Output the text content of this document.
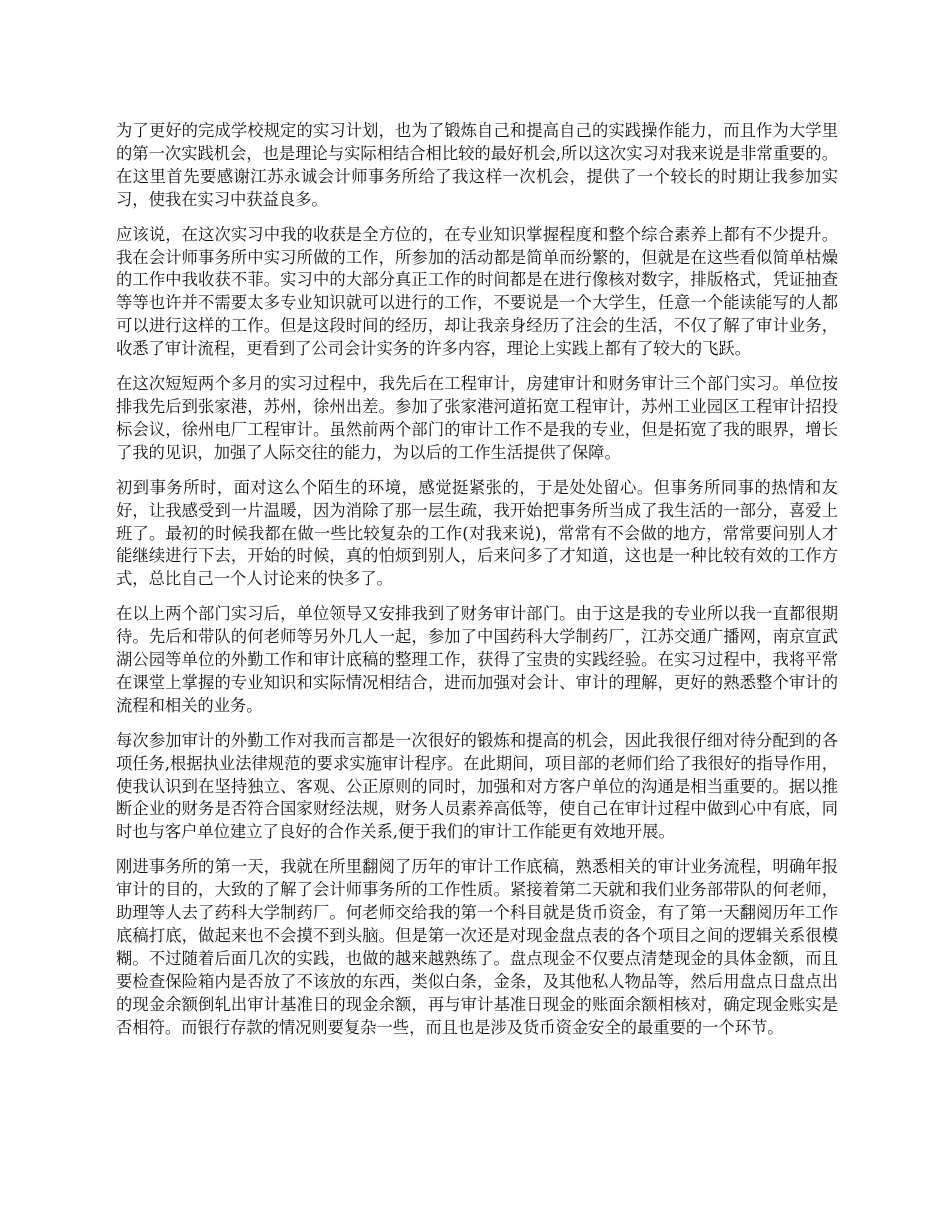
为了更好的完成学校规定的实习计划，也为了锻炼自己和提高自己的实践操作能力，而且作为大学里的第一次实践机会，也是理论与实际相结合相比较的最好机会,所以这次实习对我来说是非常重要的。在这里首先要感谢江苏永诚会计师事务所给了我这样一次机会，提供了一个较长的时期让我参加实习，使我在实习中获益良多。

应该说，在这次实习中我的收获是全方位的，在专业知识掌握程度和整个综合素养上都有不少提升。我在会计师事务所中实习所做的工作，所参加的活动都是简单而纷繁的，但就是在这些看似简单枯燥的工作中我收获不菲。实习中的大部分真正工作的时间都是在进行像核对数字，排版格式，凭证抽查等等也许并不需要太多专业知识就可以进行的工作，不要说是一个大学生，任意一个能读能写的人都可以进行这样的工作。但是这段时间的经历，却让我亲身经历了注会的生活，不仅了解了审计业务，收悉了审计流程，更看到了公司会计实务的许多内容，理论上实践上都有了较大的飞跃。

在这次短短两个多月的实习过程中，我先后在工程审计，房建审计和财务审计三个部门实习。单位按排我先后到张家港，苏州，徐州出差。参加了张家港河道拓宽工程审计，苏州工业园区工程审计招投标会议，徐州电厂工程审计。虽然前两个部门的审计工作不是我的专业，但是拓宽了我的眼界，增长了我的见识，加强了人际交往的能力，为以后的工作生活提供了保障。

初到事务所时，面对这么个陌生的环境，感觉挺紧张的，于是处处留心。但事务所同事的热情和友好，让我感受到一片温暖，因为消除了那一层生疏，我开始把事务所当成了我生活的一部分，喜爱上班了。最初的时候我都在做一些比较复杂的工作(对我来说)，常常有不会做的地方，常常要问别人才能继续进行下去，开始的时候，真的怕烦到别人，后来问多了才知道，这也是一种比较有效的工作方式，总比自己一个人讨论来的快多了。

在以上两个部门实习后，单位领导又安排我到了财务审计部门。由于这是我的专业所以我一直都很期待。先后和带队的何老师等另外几人一起，参加了中国药科大学制药厂，江苏交通广播网，南京宣武湖公园等单位的外勤工作和审计底稿的整理工作，获得了宝贵的实践经验。在实习过程中，我将平常在课堂上掌握的专业知识和实际情况相结合，进而加强对会计、审计的理解，更好的熟悉整个审计的流程和相关的业务。

每次参加审计的外勤工作对我而言都是一次很好的锻炼和提高的机会，因此我很仔细对待分配到的各项任务,根据执业法律规范的要求实施审计程序。在此期间，项目部的老师们给了我很好的指导作用，使我认识到在坚持独立、客观、公正原则的同时，加强和对方客户单位的沟通是相当重要的。据以推断企业的财务是否符合国家财经法规，财务人员素养高低等，使自己在审计过程中做到心中有底，同时也与客户单位建立了良好的合作关系,便于我们的审计工作能更有效地开展。

刚进事务所的第一天，我就在所里翻阅了历年的审计工作底稿，熟悉相关的审计业务流程，明确年报审计的目的，大致的了解了会计师事务所的工作性质。紧接着第二天就和我们业务部带队的何老师，助理等人去了药科大学制药厂。何老师交给我的第一个科目就是货币资金，有了第一天翻阅历年工作底稿打底，做起来也不会摸不到头脑。但是第一次还是对现金盘点表的各个项目之间的逻辑关系很模糊。不过随着后面几次的实践，也做的越来越熟练了。盘点现金不仅要点清楚现金的具体金额，而且要检查保险箱内是否放了不该放的东西，类似白条，金条，及其他私人物品等，然后用盘点日盘点出的现金余额倒轧出审计基准日的现金余额，再与审计基准日现金的账面余额相核对，确定现金账实是否相符。而银行存款的情况则要复杂一些，而且也是涉及货币资金安全的最重要的一个环节。
